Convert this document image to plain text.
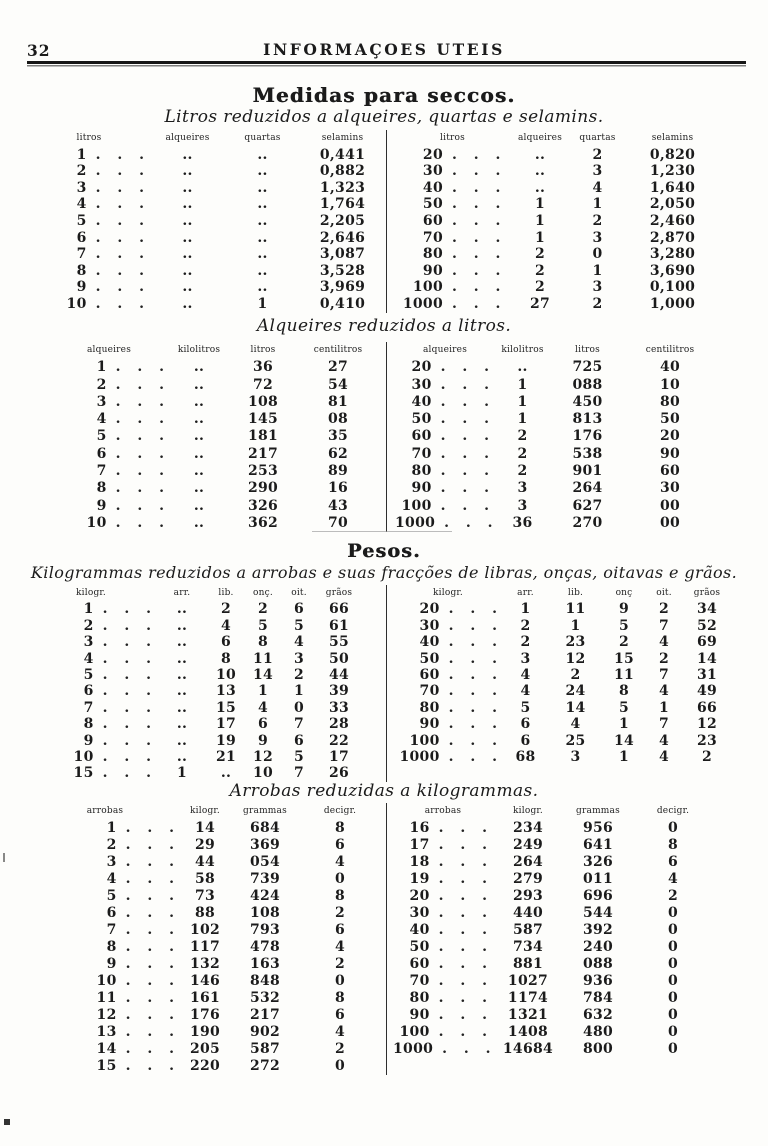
32	INFORMAÇOES UTEIS
Medidas para seccos.
Litros reduzidos a alqueires, quartas e selamins.
litros	alqueires	quartas	selamins
1 . . .	..	..	0,441
2 . . .	..	..	0,882
3 . . .	..	..	1,323
4 . . .	..	..	1,764
5 . . .	..	..	2,205
6 . . .	..	..	2,646
7 . . .	..	..	3,087
8 . . .	..	..	3,528
9 . . .	..	..	3,969
10 . . .	..	1	0,410
litros	alqueires	quartas	selamins
20 . . .	..	2	0,820
30 . . .	..	3	1,230
40 . . .	..	4	1,640
50 . . .	1	1	2,050
60 . . .	1	2	2,460
70 . . .	1	3	2,870
80 . . .	2	0	3,280
90 . . .	2	1	3,690
100 . . .	2	3	0,100
1000 . . .	27	2	1,000
Alqueires reduzidos a litros.
alqueires	kilolitros	litros	centilitros
1 . . .	..	36	27
2 . . .	..	72	54
3 . . .	..	108	81
4 . . .	..	145	08
5 . . .	..	181	35
6 . . .	..	217	62
7 . . .	..	253	89
8 . . .	..	290	16
9 . . .	..	326	43
10 . . .	..	362	70
alqueires	kilolitros	litros	centilitros
20 . . .	..	725	40
30 . . .	1	088	10
40 . . .	1	450	80
50 . . .	1	813	50
60 . . .	2	176	20
70 . . .	2	538	90
80 . . .	2	901	60
90 . . .	3	264	30
100 . . .	3	627	00
1000 . . . 36	270	00
Pesos.
Kilogrammas reduzidos a arrobas e suas fracções de libras, onças, oitavas e grãos.
kilogr.	arr.	lib.	onç.	oit.	grãos
1 . . .	..	2	2	6	66
2 . . .	..	4	5	5	61
3 . . .	..	6	8	4	55
4 . . .	..	8	11	3	50
5 . . .	..	10	14	2	44
6 . . .	..	13	1	1	39
7 . . .	..	15	4	0	33
8 . . .	..	17	6	7	28
9 . . .	..	19	9	6	22
10 . . .	..	21	12	5	17
15 . . .	1	..	10	7	26
kilogr.	arr.	lib.	onç	oit.	grãos
20 . . .	1	11	9	2	34
30 . . .	2	1	5	7	52
40 . . .	2	23	2	4	69
50 . . .	3	12	15	2	14
60 . . .	4	2	11	7	31
70 . . .	4	24	8	4	49
80 . . .	5	14	5	1	66
90 . . .	6	4	1	7	12
100 . . .	6	25	14	4	23
1000 . . . 68	3	1	4	2
Arrobas reduzidas a kilogrammas.
arrobas	kilogr.	grammas	decigr.
1 . . .	14	684	8
2 . . .	29	369	6
3 . . .	44	054	4
4 . . .	58	739	0
5 . . .	73	424	8
6 . . .	88	108	2
7 . . . 102	793	6
8 . . . 117	478	4
9 . . . 132	163	2
10 . . . 146	848	0
11 . . . 161	532	8
12 . . . 176	217	6
13 . . . 190	902	4
14 . . . 205	587	2
15 . . . 220	272	0
arrobas	kilogr.	grammas	decigr.
16 . . .	234	956	0
17 . . .	249	641	8
18 . . .	264	326	6
19 . . .	279	011	4
20 . . .	293	696	2
30 . . .	440	544	0
40 . . .	587	392	0
50 . . .	734	240	0
60 . . .	881	088	0
70 . . .	1027	936	0
80 . . .	1174	784	0
90 . . .	1321	632	0
100 . . .	1408	480	0
1000 . . . 14684	800	0
